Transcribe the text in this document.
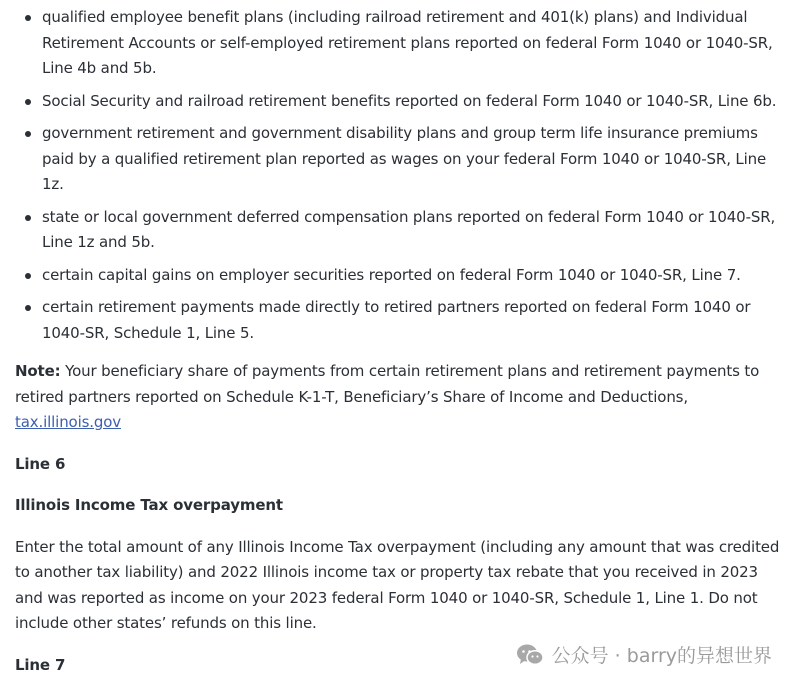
qualified employee benefit plans (including railroad retirement and 401(k) plans) and Individual Retirement Accounts or self-employed retirement plans reported on federal Form 1040 or 1040-SR, Line 4b and 5b.
Social Security and railroad retirement benefits reported on federal Form 1040 or 1040-SR, Line 6b.
government retirement and government disability plans and group term life insurance premiums paid by a qualified retirement plan reported as wages on your federal Form 1040 or 1040-SR, Line 1z.
state or local government deferred compensation plans reported on federal Form 1040 or 1040-SR, Line 1z and 5b.
certain capital gains on employer securities reported on federal Form 1040 or 1040-SR, Line 7.
certain retirement payments made directly to retired partners reported on federal Form 1040 or 1040-SR, Schedule 1, Line 5.

Note: Your beneficiary share of payments from certain retirement plans and retirement payments to retired partners reported on Schedule K-1-T, Beneficiary’s Share of Income and Deductions,
tax.illinois.gov

Line 6

Illinois Income Tax overpayment

Enter the total amount of any Illinois Income Tax overpayment (including any amount that was credited to another tax liability) and 2022 Illinois income tax or property tax rebate that you received in 2023 and was reported as income on your 2023 federal Form 1040 or 1040-SR, Schedule 1, Line 1. Do not include other states’ refunds on this line.

Line 7	公众号 · barry的异想世界
